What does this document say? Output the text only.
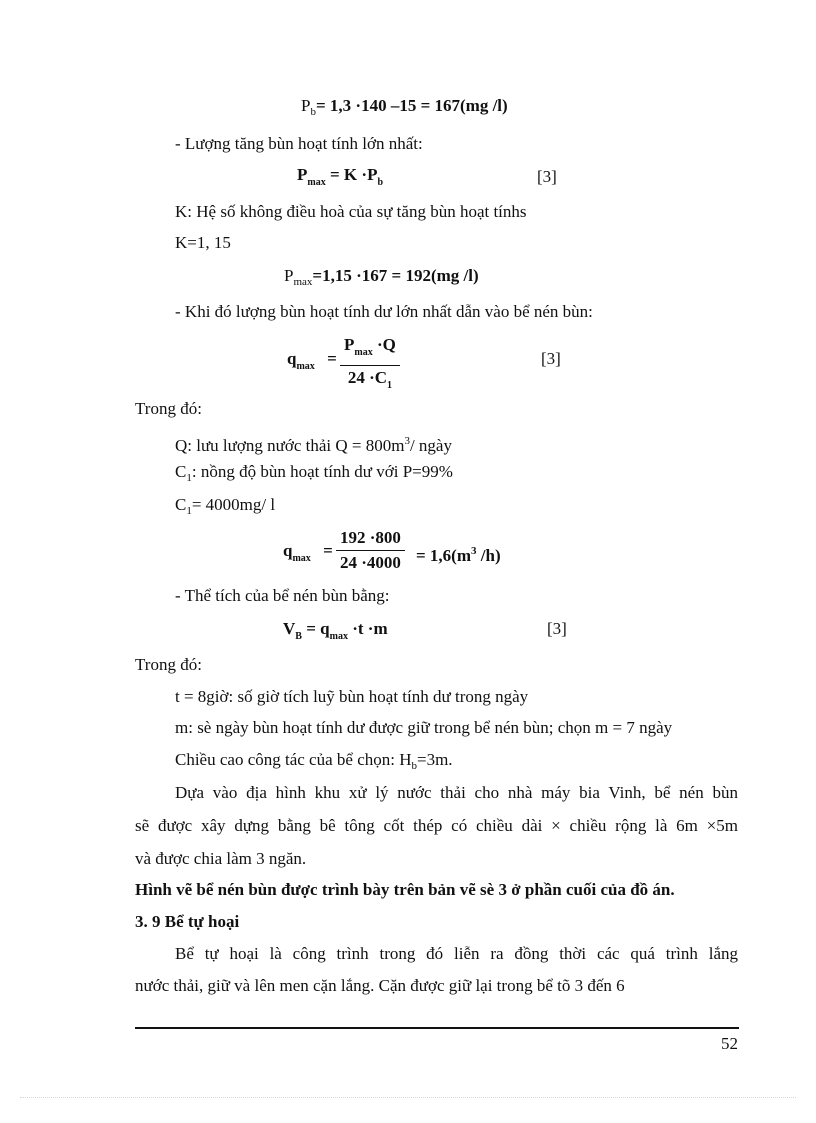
$P_b= 1,3 \cdot 140$ –15 = 167(mg /l)
- Lượng tăng bùn hoạt tính lớn nhất:
$P_{max} = K \cdot P_b$	[3]
K: Hệ số không điều hoà của sự tăng bùn hoạt tínhs
K=1, 15
$P_{max}=1,15 \cdot 167 = 192(mg$ /l)
- Khi đó lượng bùn hoạt tính dư lớn nhất dẫn vào bể nén bùn:
$q_{max}$ =
$P_{max} \cdot Q$
$24 \cdot C_1$
[3]
Trong đó:
Q: lưu lượng nước thải $Q = 800m^3/$ ngày
$C_1$: nồng độ bùn hoạt tính dư với P=99%
$C_1= 4000mg/$ l
$q_{max}$ =
192 ·800
$24 \cdot 4000 = 1,6(m^3$ /h)
- Thể tích của bể nén bùn bằng:
$V_B = q_{max} \cdot t \cdot m$	[3]
Trong đó:
t = 8giờ: số giờ tích luỹ bùn hoạt tính dư trong ngày
m: sè ngày bùn hoạt tính dư được giữ trong bể nén bùn; chọn m = 7 ngày
Chiều cao công tác của bể chọn: $H_b=3m$.
Dựa vào địa hình khu xử lý nước thải cho nhà máy bia Vinh, bể nén bùn
sẽ được xây dựng bằng bê tông cốt thép có chiều dài × chiều rộng là 6m ×5m
và được chia làm 3 ngăn.
Hình vẽ bể nén bùn được trình bày trên bản vẽ sè 3 ở phần cuối của đồ án.
3. 9 Bể tự hoại
Bể tự hoại là công trình trong đó liễn ra đồng thời các quá trình lắng
nước thải, giữ và lên men cặn lắng. Cặn được giữ lại trong bể tõ 3 đến 6
52
